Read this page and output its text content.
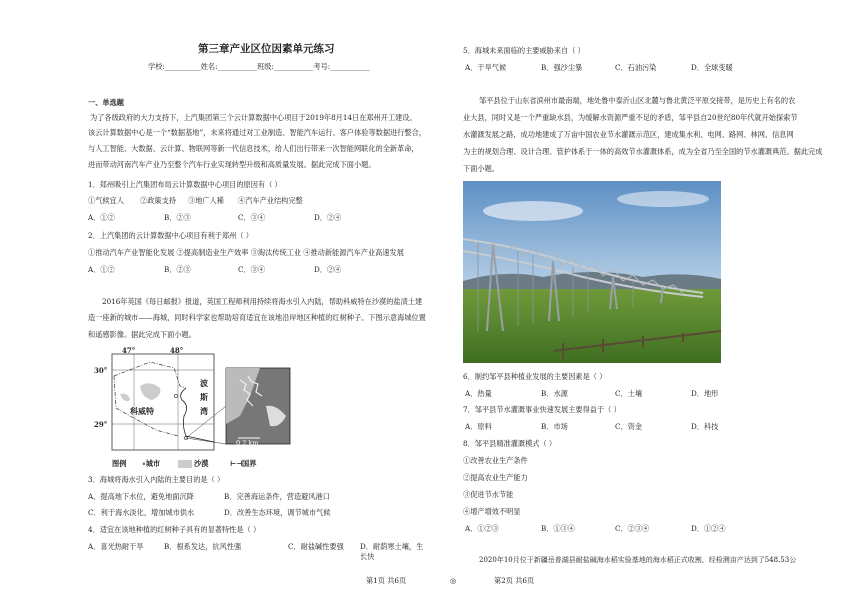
第三章产业区位因素单元练习
学校:__________姓名:___________班级:___________考号:___________
一、单选题
为了各级政府的大力支持下，上汽集团第三个云计算数据中心项目于2019年8月14日在郑州开工建设。
该云计算数据中心是一个“数据基地”，未来将通过对工业制造、智能汽车运行、客户体验等数据进行整合，
与人工智能、大数据、云计算、物联网等新一代信息技术，给人们出行带来一次智能网联化的全新革命，
进而带动河南汽车产业乃至整个汽车行业实现转型升级和高质量发展。据此完成下面小题。
1．郑州吸引上汽集团布局云计算数据中心项目的原因有（ ）
①气候宜人 ②政策支持 ③地广人稀 ④汽车产业结构完整
A．①②	B．②③	C．③④	D．②④
2．上汽集团的云计算数据中心项目有利于郑州（ ）
①推动汽车产业智能化发展 ②提高制造业生产效率 ③淘汰传统工业 ④推动新能源汽车产业高速发展
A．①②	B．②③	C．③④	D．②④
2016年英国《每日邮报》报道，英国工程师利用持续将海水引入内陆，帮助科威特在沙漠的盐渍土建
造一座新的城市——海城，同时科学家也帮助培育适宜在该地沿岸地区种植的红树种子。下图示意海城位置
和遥感影像。据此完成下面小题。
47°	48°
30°
29°
科威特
波
斯
湾
0 2 km
图例 ∘城市	沙漠	⊢⊣ 国界
3．海城将海水引入内陆的主要目的是（ ）
A．提高地下水位，避免地面沉降	B．完善海运条件，营造避风港口
C．利于海水淡化，增加城市供水	D．改善生态环境，调节城市气候
4．适宜在该地种植的红树种子具有的显著特性是（ ）
A．喜光热耐干旱	B．根系发达，抗风性强	C．耐盐碱性要强 D．耐荫寒土壤，生长快
5．海城未来面临的主要威胁来自（ ）
A．干旱气候	B．强沙尘暴	C．石油污染	D．全球变暖
邹平县位于山东省滨州市最南端，地处鲁中泰沂山区北麓与鲁北黄泛平原交接带，是历史上有名的农
业大县，同时又是一个严重缺水县，为缓解水资源严重不足的矛盾，邹平县自20世纪80年代就开始探索节
水灌溉发展之路，成功地建成了万亩中国农业节水灌溉示范区，建成集水利、电网、路网、林网、信息网
为主的规划合理、设计合理、管护体系于一体的高效节水灌溉体系，成为全省乃至全国的节水灌溉典范。据此完成
下面小题。
6．制约邹平县种植业发展的主要因素是（ ）
A．热量	B．水源	C．土壤	D．地形
7．邹平县节水灌溉事业快速发展主要得益于（ ）
A．原料	B．市场	C．资金	D．科技
8．邹平县精准灌溉模式（ ）
①改善农业生产条件
②提高农业生产能力
③促进节水节能
④增产增效不明显
A．①②③	B．①③④	C．②③④	D．①②④
2020年10月位于新疆岳普湖县耐盐碱海水稻实验基地的海水稻正式收割，经检测亩产达到了548.53公
第1页 共6页	◎	第2页 共6页
